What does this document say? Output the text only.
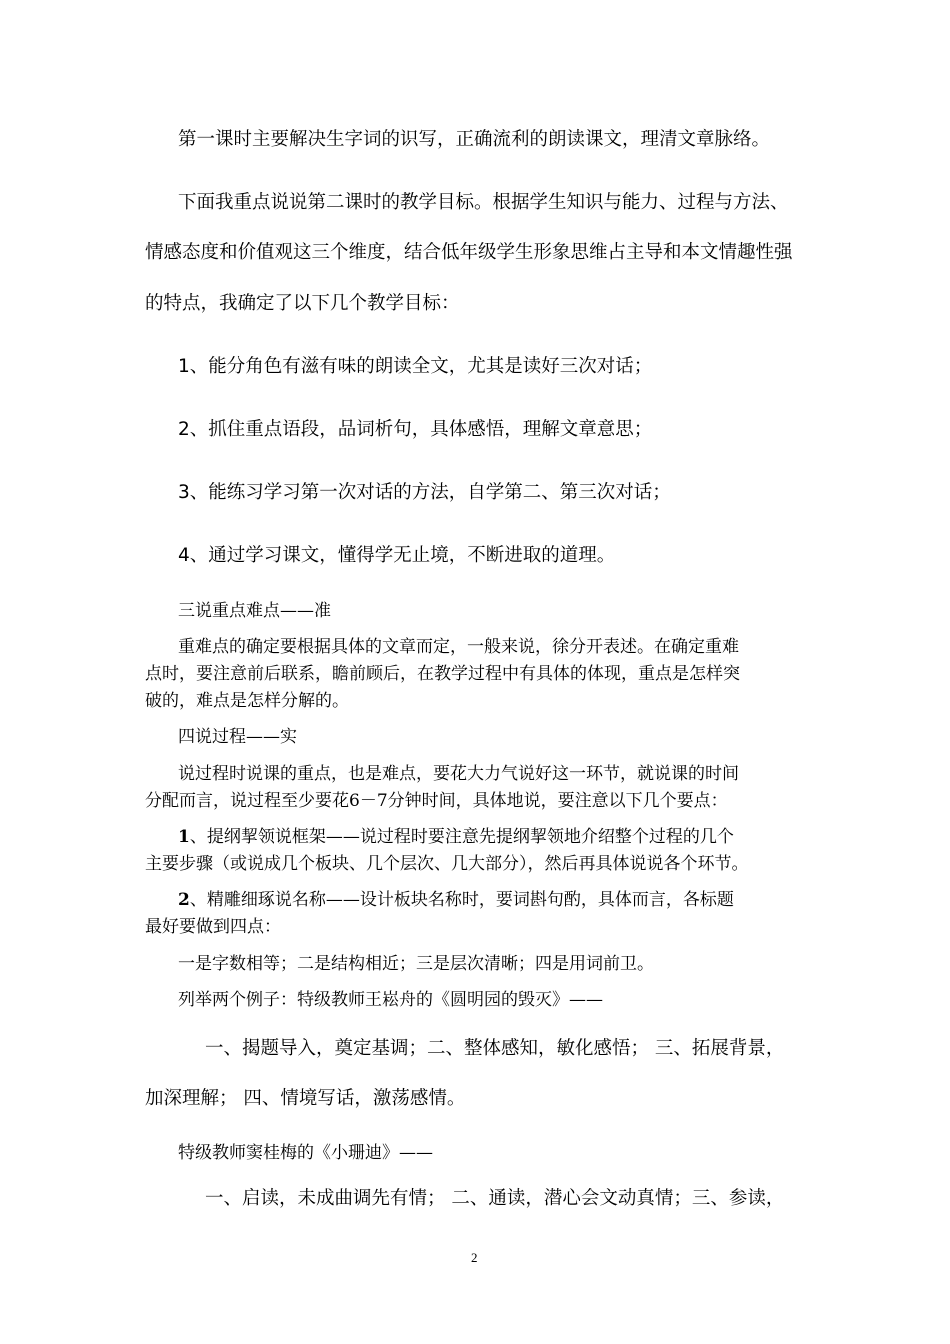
第一课时主要解决生字词的识写，正确流利的朗读课文，理清文章脉络。
下面我重点说说第二课时的教学目标。根据学生知识与能力、过程与方法、
情感态度和价值观这三个维度，结合低年级学生形象思维占主导和本文情趣性强
的特点，我确定了以下几个教学目标：
1、能分角色有滋有味的朗读全文，尤其是读好三次对话；
2、抓住重点语段，品词析句，具体感悟，理解文章意思；
3、能练习学习第一次对话的方法，自学第二、第三次对话；
4、通过学习课文，懂得学无止境，不断进取的道理。
三说重点难点——准
重难点的确定要根据具体的文章而定，一般来说，徐分开表述。在确定重难
点时，要注意前后联系，瞻前顾后，在教学过程中有具体的体现，重点是怎样突
破的，难点是怎样分解的。
四说过程——实
说过程时说课的重点，也是难点，要花大力气说好这一环节，就说课的时间
分配而言，说过程至少要花6－7分钟时间，具体地说，要注意以下几个要点：
1、提纲挈领说框架——说过程时要注意先提纲挈领地介绍整个过程的几个
主要步骤（或说成几个板块、几个层次、几大部分），然后再具体说说各个环节。
2、精雕细琢说名称——设计板块名称时，要词斟句酌，具体而言，各标题
最好要做到四点：
一是字数相等；二是结构相近；三是层次清晰；四是用词前卫。
列举两个例子：特级教师王崧舟的《圆明园的毁灭》——
一、揭题导入，奠定基调；二、整体感知，敏化感悟； 三、拓展背景，
加深理解； 四、情境写话，激荡感情。
特级教师窦桂梅的《小珊迪》——
一、启读，未成曲调先有情； 二、通读，潜心会文动真情；三、参读，
2
